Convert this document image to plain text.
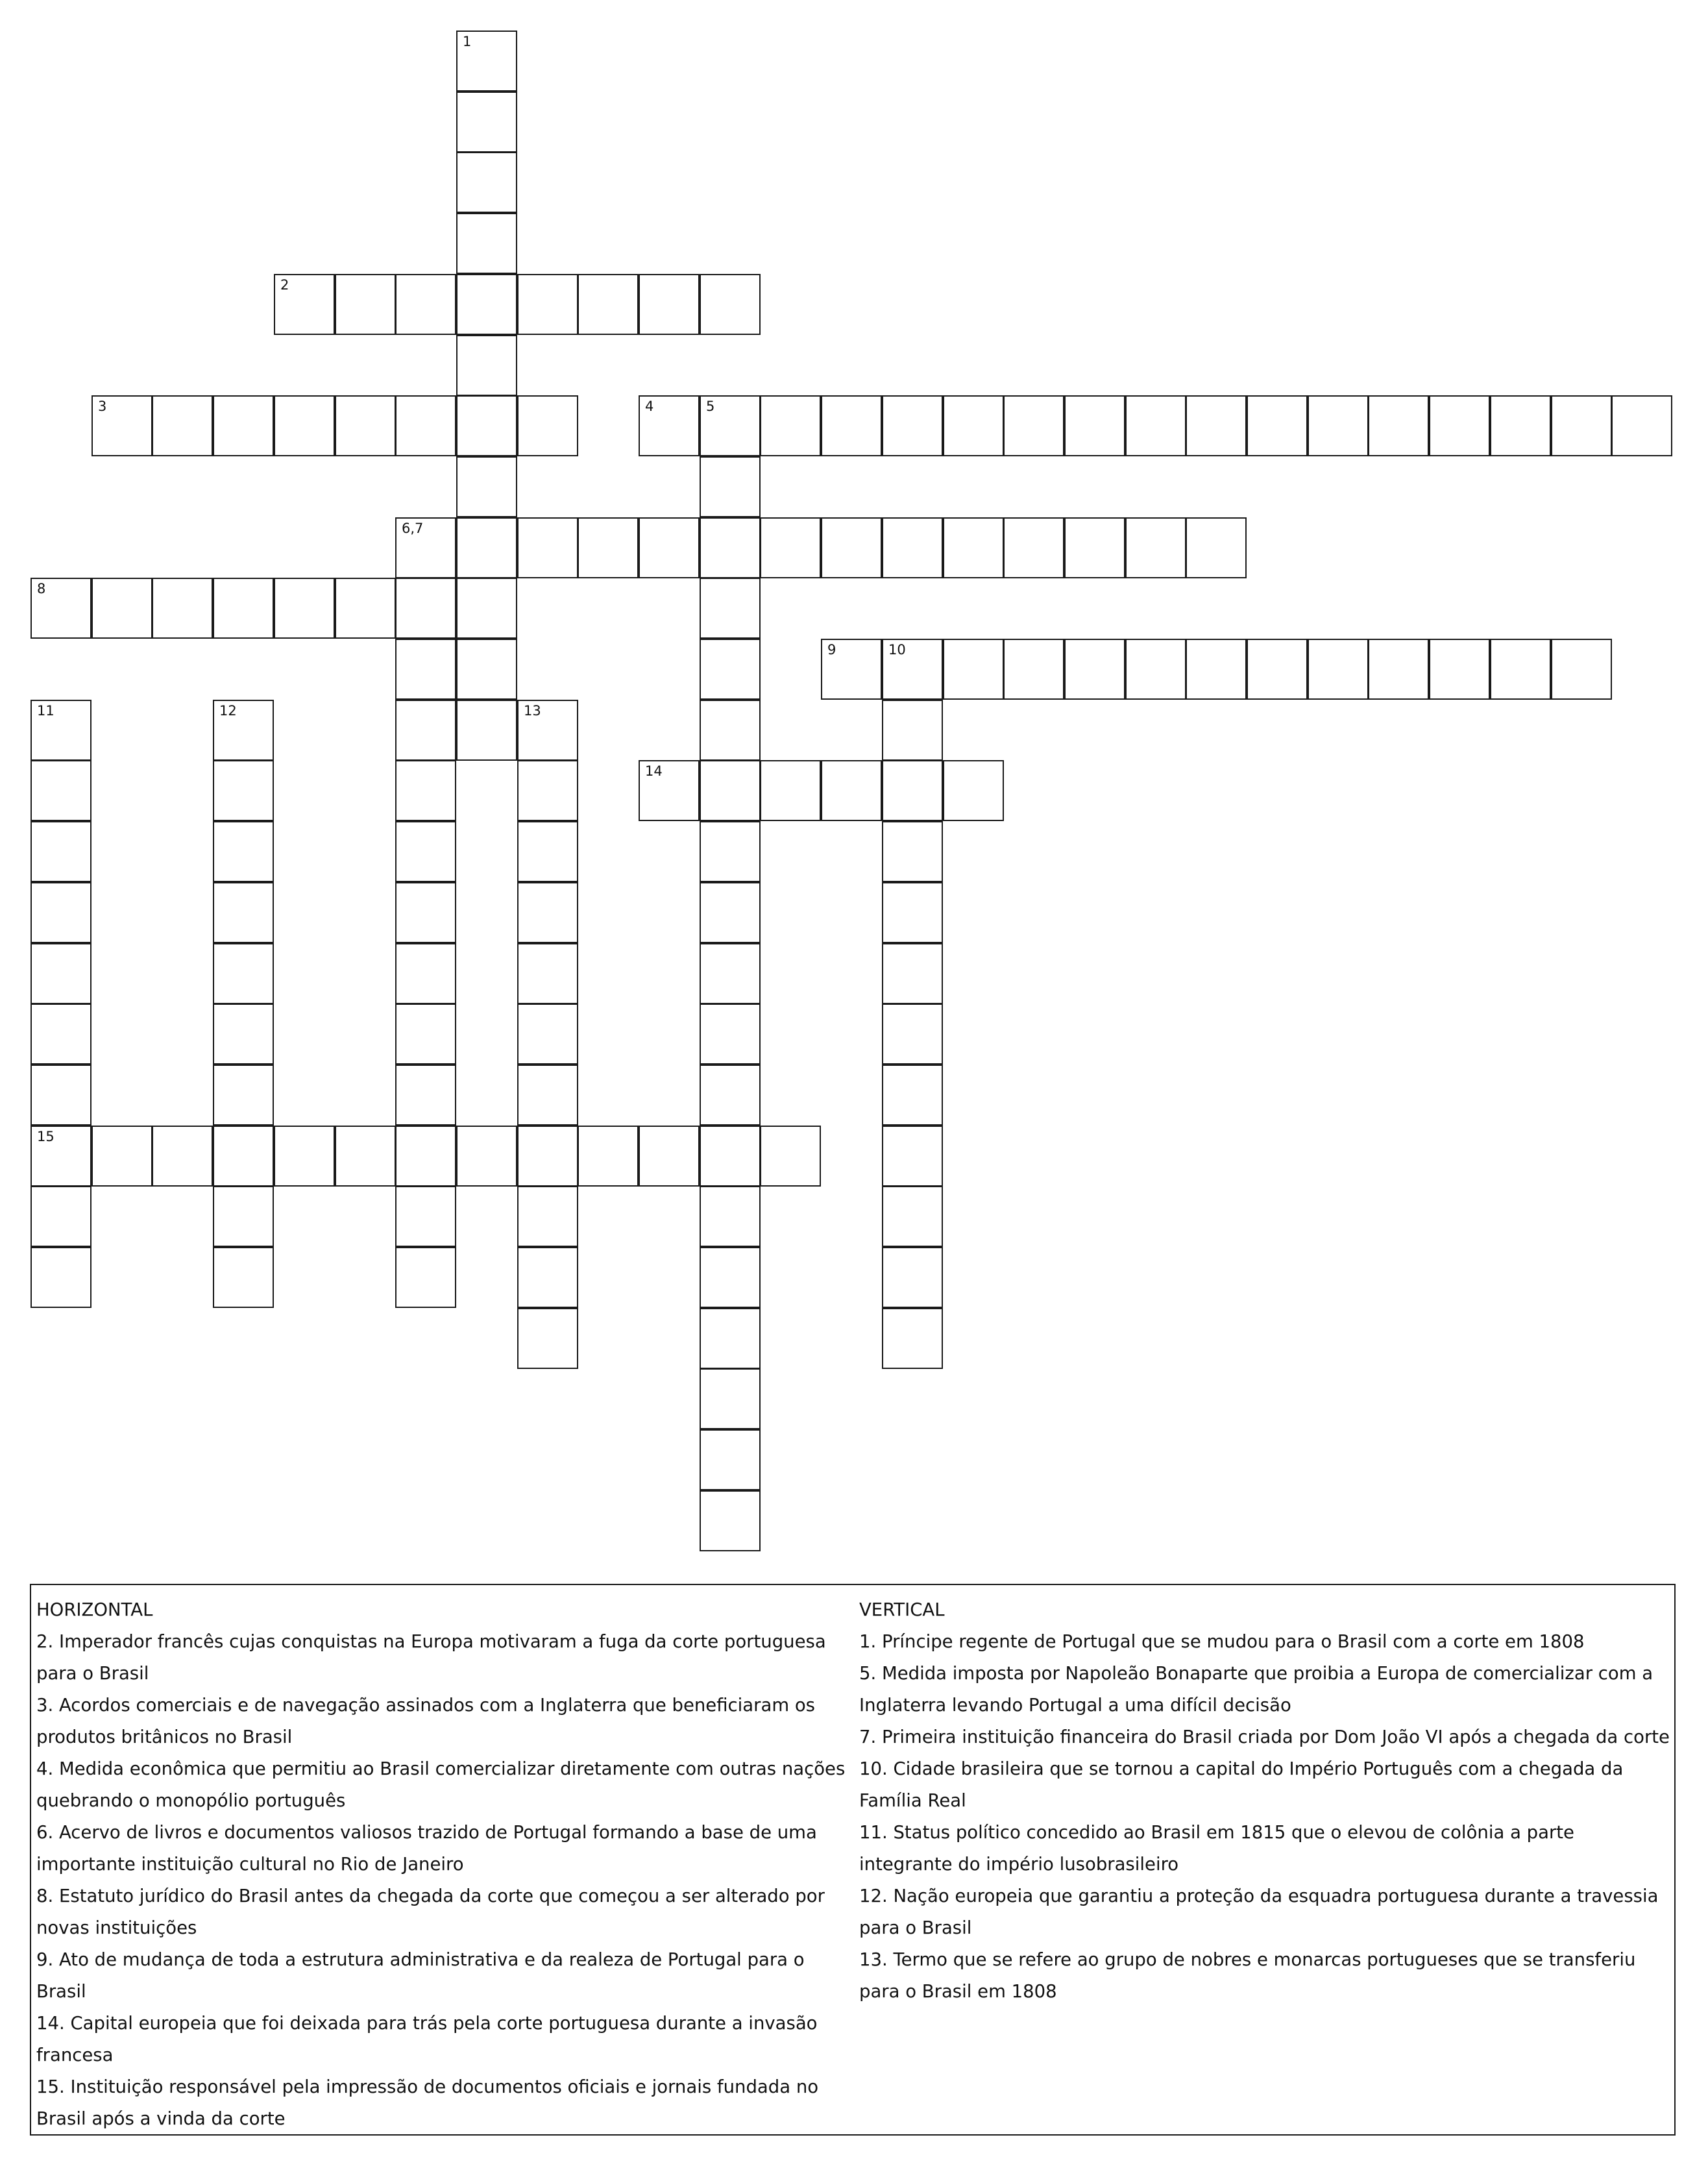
1
2
3	4	5
6,7
8
9	10
11
15
12	13
14
HORIZONTAL
2. Imperador francês cujas conquistas na Europa motivaram a fuga da corte portuguesa para o Brasil
3. Acordos comerciais e de navegação assinados com a Inglaterra que beneficiaram os produtos britânicos no Brasil
4. Medida econômica que permitiu ao Brasil comercializar diretamente com outras nações quebrando o monopólio português
6. Acervo de livros e documentos valiosos trazido de Portugal formando a base de uma importante instituição cultural no Rio de Janeiro
8. Estatuto jurídico do Brasil antes da chegada da corte que começou a ser alterado por novas instituições
9. Ato de mudança de toda a estrutura administrativa e da realeza de Portugal para o Brasil
14. Capital europeia que foi deixada para trás pela corte portuguesa durante a invasão francesa
15. Instituição responsável pela impressão de documentos oficiais e jornais fundada no Brasil após a vinda da corte
VERTICAL
1. Príncipe regente de Portugal que se mudou para o Brasil com a corte em 1808
5. Medida imposta por Napoleão Bonaparte que proibia a Europa de comercializar com a Inglaterra levando Portugal a uma difícil decisão
7. Primeira instituição financeira do Brasil criada por Dom João VI após a chegada da corte
10. Cidade brasileira que se tornou a capital do Império Português com a chegada da Família Real
11. Status político concedido ao Brasil em 1815 que o elevou de colônia a parte integrante do império lusobrasileiro
12. Nação europeia que garantiu a proteção da esquadra portuguesa durante a travessia para o Brasil
13. Termo que se refere ao grupo de nobres e monarcas portugueses que se transferiu para o Brasil em 1808
